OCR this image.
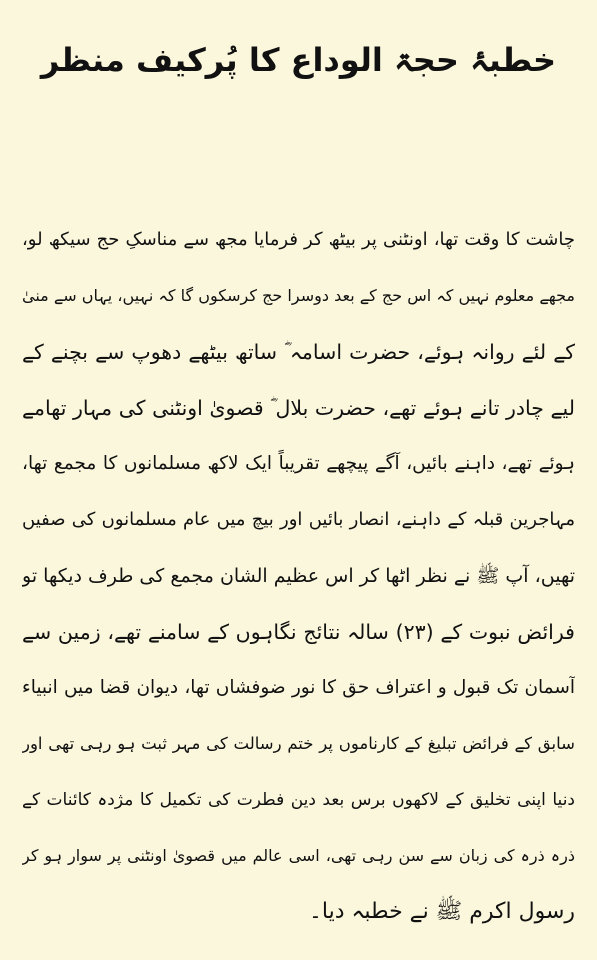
خطبۂ حجۃ الوداع کا پُرکیف منظر
چاشت کا وقت تھا، اونٹنی پر بیٹھ کر فرمایا مجھ سے مناسکِ حج سیکھ لو،
مجھے معلوم نہیں کہ اس حج کے بعد دوسرا حج کرسکوں گا کہ نہیں، یہاں سے منیٰ
کے لئے روانہ ہوئے، حضرت اسامہ ؓ ساتھ بیٹھے دھوپ سے بچنے کے
لیے چادر تانے ہوئے تھے، حضرت بلال ؓ قصویٰ اونٹنی کی مہار تھامے
ہوئے تھے، داہنے بائیں، آگے پیچھے تقریباً ایک لاکھ مسلمانوں کا مجمع تھا،
مہاجرین قبلہ کے داہنے، انصار بائیں اور بیچ میں عام مسلمانوں کی صفیں
تھیں، آپ ﷺ نے نظر اٹھا کر اس عظیم الشان مجمع کی طرف دیکھا تو
فرائض نبوت کے (۲۳) سالہ نتائج نگاہوں کے سامنے تھے، زمین سے
آسمان تک قبول و اعتراف حق کا نور ضوفشاں تھا، دیوان قضا میں انبیاء
سابق کے فرائض تبلیغ کے کارناموں پر ختم رسالت کی مہر ثبت ہو رہی تھی اور
دنیا اپنی تخلیق کے لاکھوں برس بعد دین فطرت کی تکمیل کا مژدہ کائنات کے
ذرہ ذرہ کی زبان سے سن رہی تھی، اسی عالم میں قصویٰ اونٹنی پر سوار ہو کر
رسول اکرم ﷺ نے خطبہ دیا۔
